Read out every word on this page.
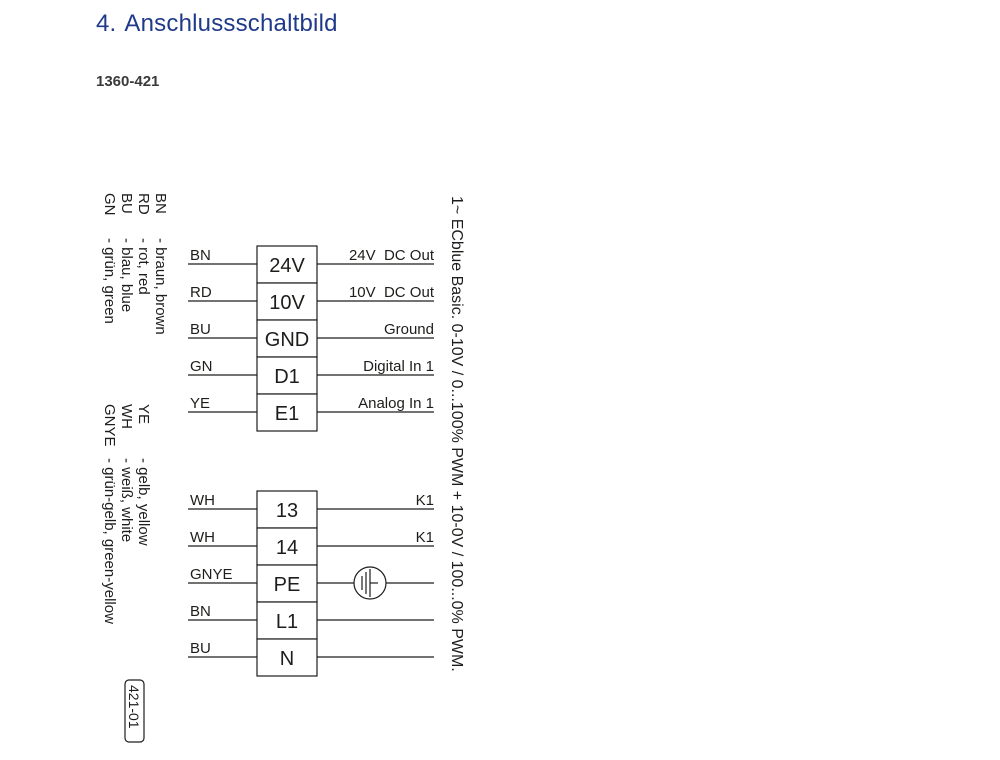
4. Anschlussschaltbild
1360-421
1~ ECblue Basic. 0-10V / 0...100% PWM + 10-0V / 100...0% PWM.
BN	24V	24V  DC Out
RD	10V	10V  DC Out
BU	GND	Ground
GN	D1	Digital In 1
YE	E1	Analog In 1
WH	13	K1
WH	14	K1
GNYE PE
BN	L1
BU	N
BN
- braun, brown
RD
- rot, red
BU
- blau, blue
GN
- grün, green
YE
- gelb, yellow
WH
- weiß, white
GNYE
- grün-gelb, green-yellow
421-01
